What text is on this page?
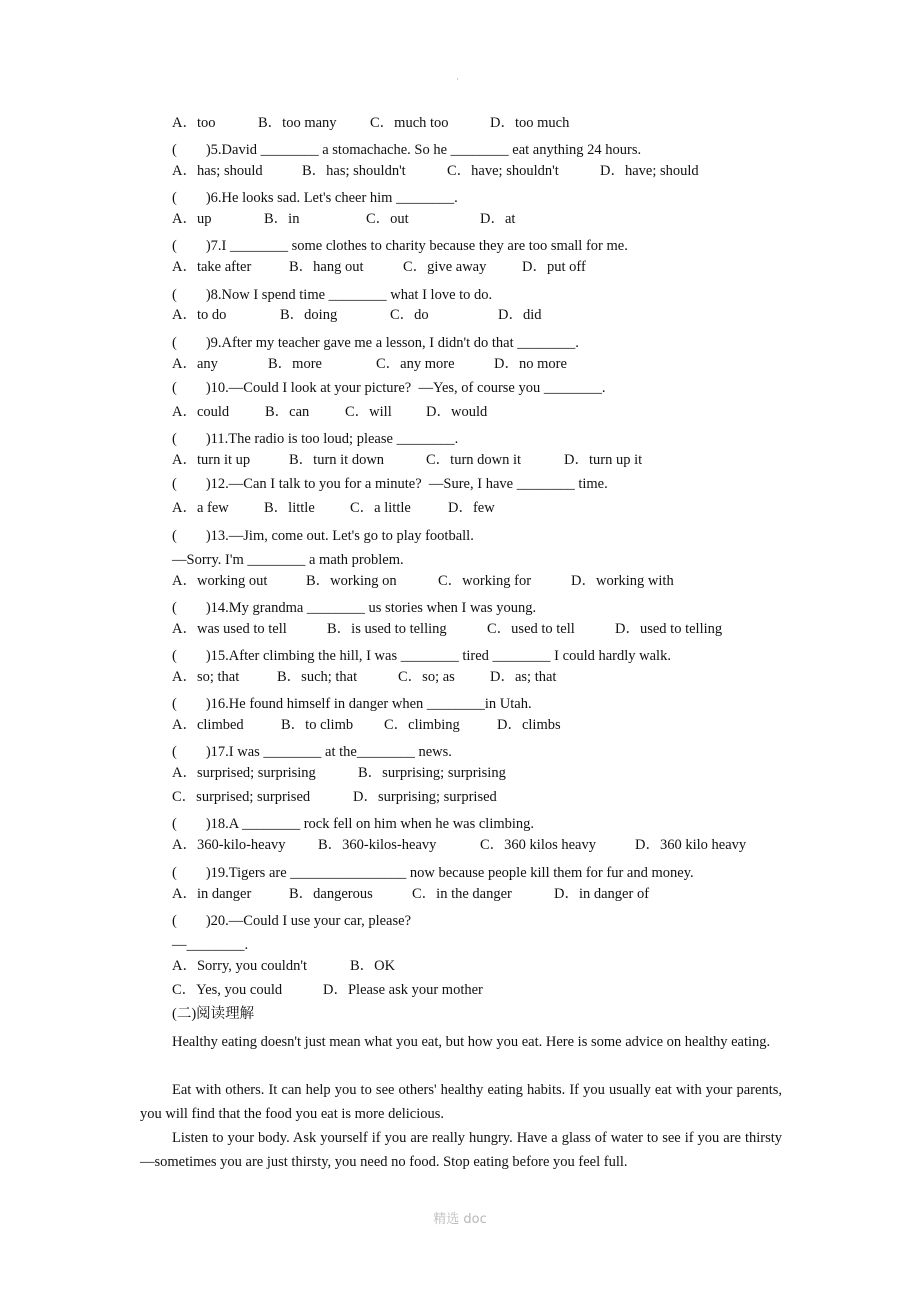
·
A．too	B．too many C．much too	D．too much
(        )5.David ________ a stomachache. So he ________ eat anything 24 hours.
A．has; should	B．has; shouldn't	C．have; shouldn't	D．have; should
(        )6.He looks sad. Let's cheer him ________.
A．up	B．in	C．out	D．at
(        )7.I ________ some clothes to charity because they are too small for me.
A．take after	B．hang out	C．give away D．put off
(        )8.Now I spend time ________ what I love to do.
A．to do	B．doing	C．do	D．did
(        )9.After my teacher gave me a lesson, I didn't do that ________.
A．any	B．more	C．any more	D．no more
(        )10.—Could I look at your picture?  —Yes, of course you ________.
A．could B．can C．will D．would
(        )11.The radio is too loud; please ________.
A．turn it up	B．turn it down	C．turn down it	D．turn up it
(        )12.—Can I talk to you for a minute?  —Sure, I have ________ time.
A．a few B．little C．a little	D．few
(        )13.—Jim, come out. Let's go to play football.
—Sorry. I'm ________ a math problem.
A．working out	B．working on	C．working for	D．working with
(        )14.My grandma ________ us stories when I was young.
A．was used to tell	B．is used to telling	C．used to tell	D．used to telling
(        )15.After climbing the hill, I was ________ tired ________ I could hardly walk.
A．so; that	B．such; that	C．so; as D．as; that
(        )16.He found himself in danger when ________in Utah.
A．climbed	B．to climb C．climbing	D．climbs
(        )17.I was ________ at the________ news.
A．surprised; surprising	B．surprising; surprising
C．surprised; surprised	D．surprising; surprised
(        )18.A ________ rock fell on him when he was climbing.
A．360-kilo-heavy B．360-kilos-heavy	C．360 kilos heavy	D．360 kilo heavy
(        )19.Tigers are ________________ now because people kill them for fur and money.
A．in danger	B．dangerous	C．in the danger	D．in danger of
(        )20.—Could I use your car, please?
—________.
A．Sorry, you couldn't	B．OK
C．Yes, you could	D．Please ask your mother
(二)阅读理解
Healthy eating doesn't just mean what you eat, but how you eat. Here is some advice on healthy eating.
Eat with others. It can help you to see others' healthy eating habits. If you usually eat with your parents, you will find that the food you eat is more delicious.
Listen to your body. Ask yourself if you are really hungry. Have a glass of water to see if you are thirsty—sometimes you are just thirsty, you need no food. Stop eating before you feel full.
精选 doc
